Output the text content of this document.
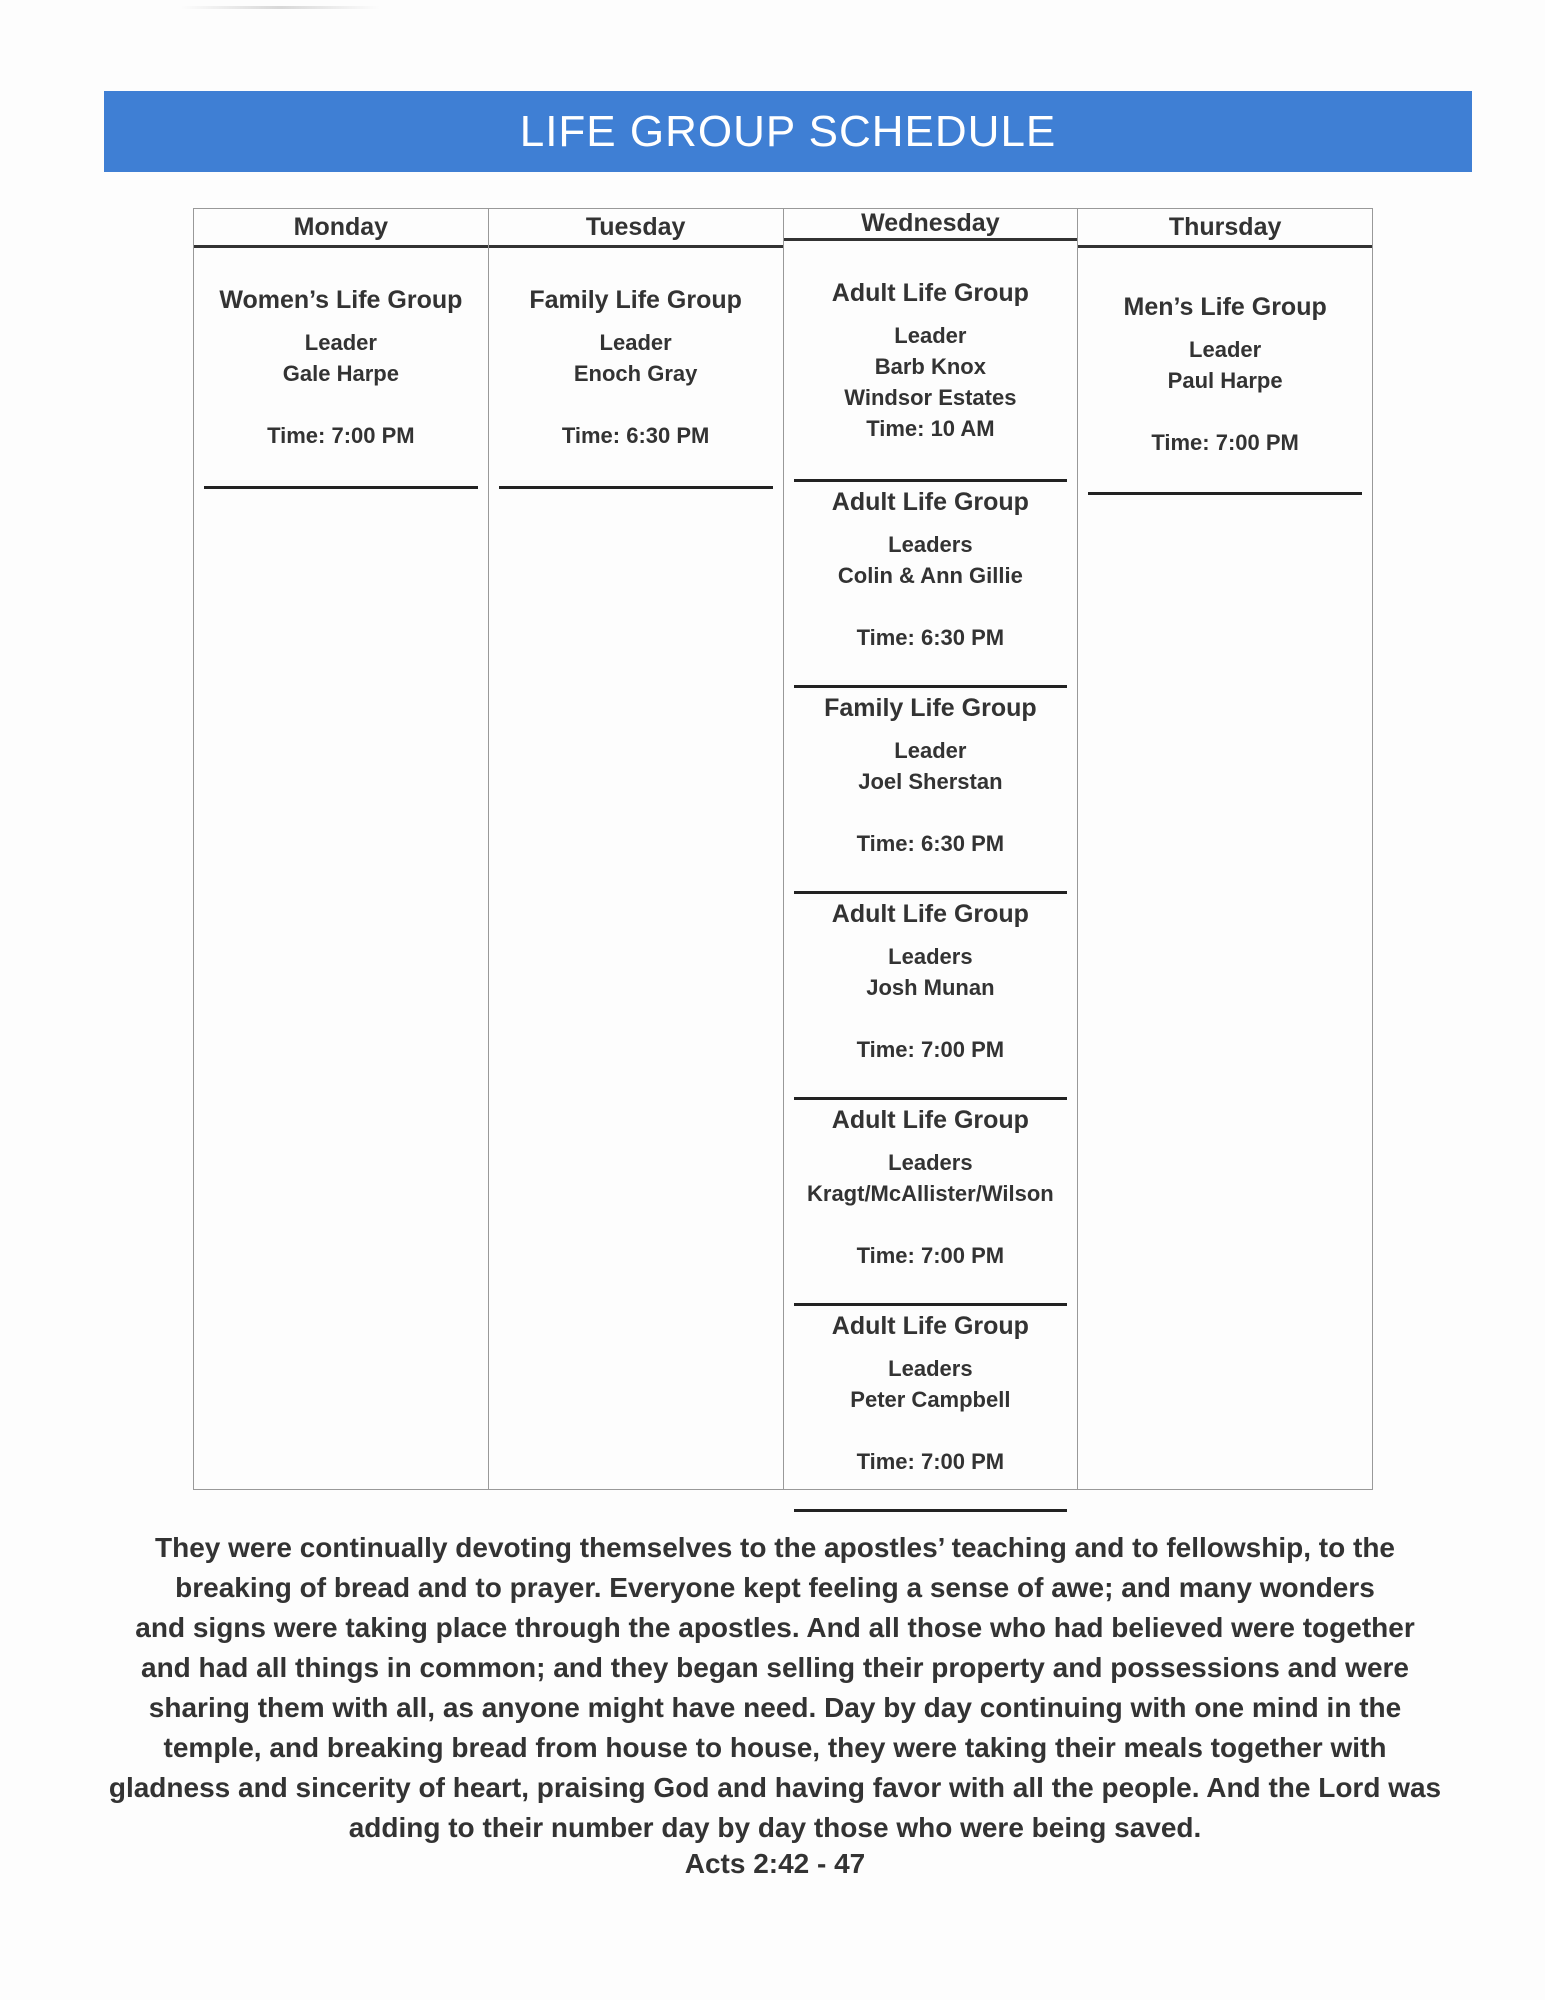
LIFE GROUP SCHEDULE
Monday
Women’s Life Group
Leader
Gale Harpe
Time: 7:00 PM
Tuesday
Family Life Group
Leader
Enoch Gray
Time: 6:30 PM
Wednesday
Adult Life Group
Leader
Barb Knox
Windsor Estates
Time: 10 AM
Adult Life Group
Leaders
Colin & Ann Gillie
Time: 6:30 PM
Family Life Group
Leader
Joel Sherstan
Time: 6:30 PM
Adult Life Group
Leaders
Josh Munan
Time: 7:00 PM
Adult Life Group
Leaders
Kragt/McAllister/Wilson
Time: 7:00 PM
Adult Life Group
Leaders
Peter Campbell
Time: 7:00 PM
Thursday
Men’s Life Group
Leader
Paul Harpe
Time: 7:00 PM
They were continually devoting themselves to the apostles’ teaching and to fellowship, to the
breaking of bread and to prayer. Everyone kept feeling a sense of awe; and many wonders
and signs were taking place through the apostles. And all those who had believed were together
and had all things in common; and they began selling their property and possessions and were
sharing them with all, as anyone might have need. Day by day continuing with one mind in the
temple, and breaking bread from house to house, they were taking their meals together with
gladness and sincerity of heart, praising God and having favor with all the people. And the Lord was
adding to their number day by day those who were being saved.
Acts 2:42 - 47
